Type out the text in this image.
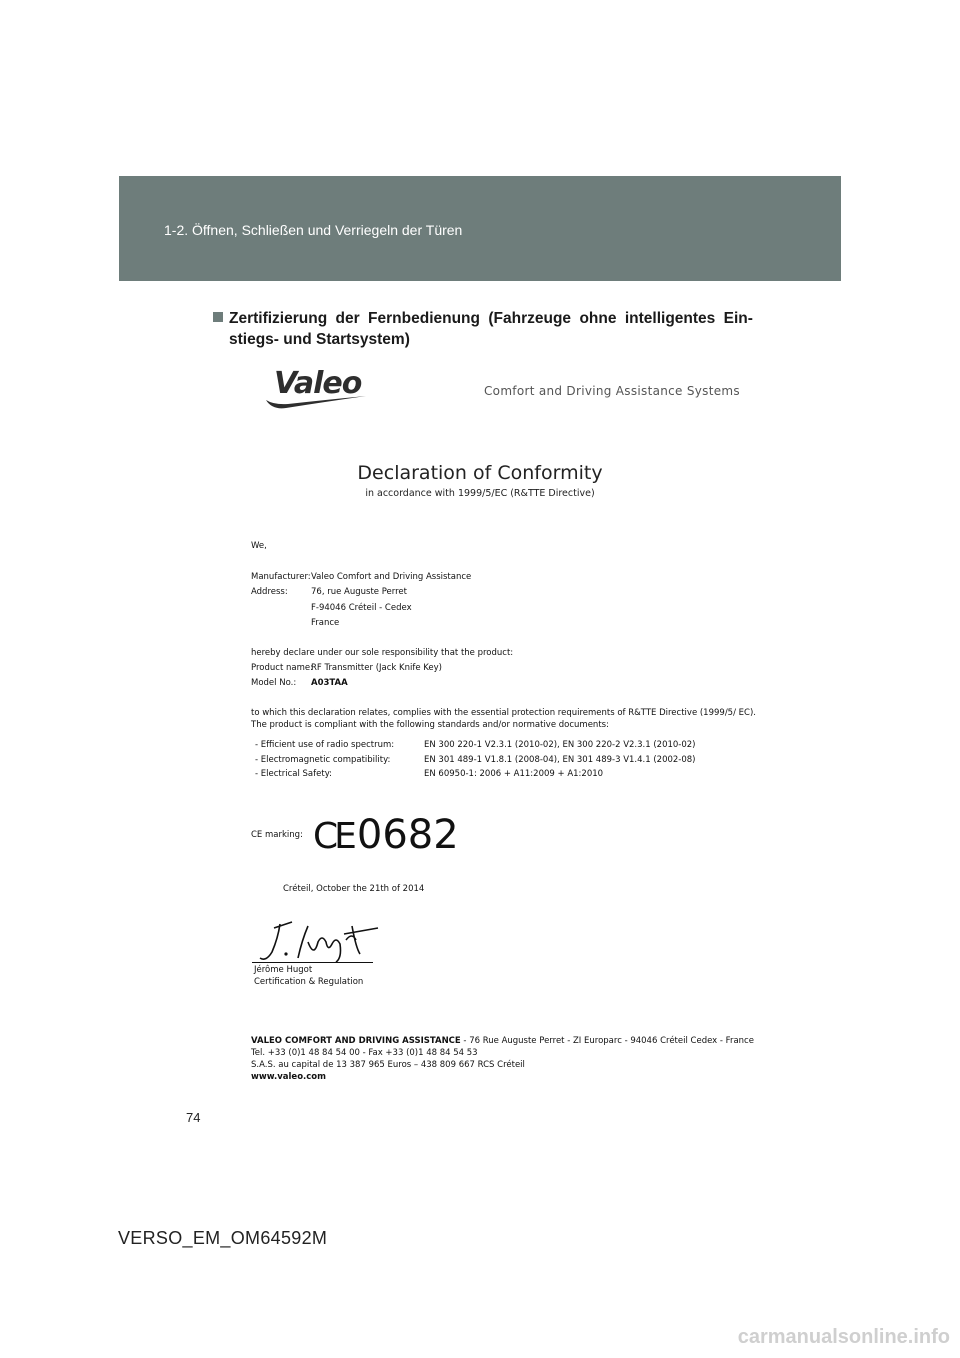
1-2. Öffnen, Schließen und Verriegeln der Türen
Zertifizierung der Fernbedienung (Fahrzeuge ohne intelligentes Ein-
stiegs- und Startsystem)
Valeo	Comfort and Driving Assistance Systems
Declaration of Conformity
in accordance with 1999/5/EC (R&TTE Directive)
We,
Manufacturer: Valeo Comfort and Driving Assistance
Address:	76, rue Auguste Perret
F-94046 Créteil - Cedex
France
hereby declare under our sole responsibility that the product:
Product name:
RF Transmitter (Jack Knife Key)
Model No.: A03TAA
to which this declaration relates, complies with the essential protection requirements of R&TTE Directive (1999/5/ EC).
The product is compliant with the following standards and/or normative documents:
- Efficient use of radio spectrum:	EN 300 220-1 V2.3.1 (2010-02), EN 300 220-2 V2.3.1 (2010-02)
- Electromagnetic compatibility:	EN 301 489-1 V1.8.1 (2008-04), EN 301 489-3 V1.4.1 (2002-08)
- Electrical Safety:	EN 60950-1: 2006 + A11:2009 + A1:2010
CE marking: CE 0682
Créteil, October the 21th of 2014
Jérôme Hugot
Certification & Regulation
VALEO COMFORT AND DRIVING ASSISTANCE - 76 Rue Auguste Perret - ZI Europarc - 94046 Créteil Cedex - France
Tel. +33 (0)1 48 84 54 00 - Fax +33 (0)1 48 84 54 53
S.A.S. au capital de 13 387 965 Euros – 438 809 667 RCS Créteil
www.valeo.com
74
VERSO_EM_OM64592M
carmanualsonline.info
